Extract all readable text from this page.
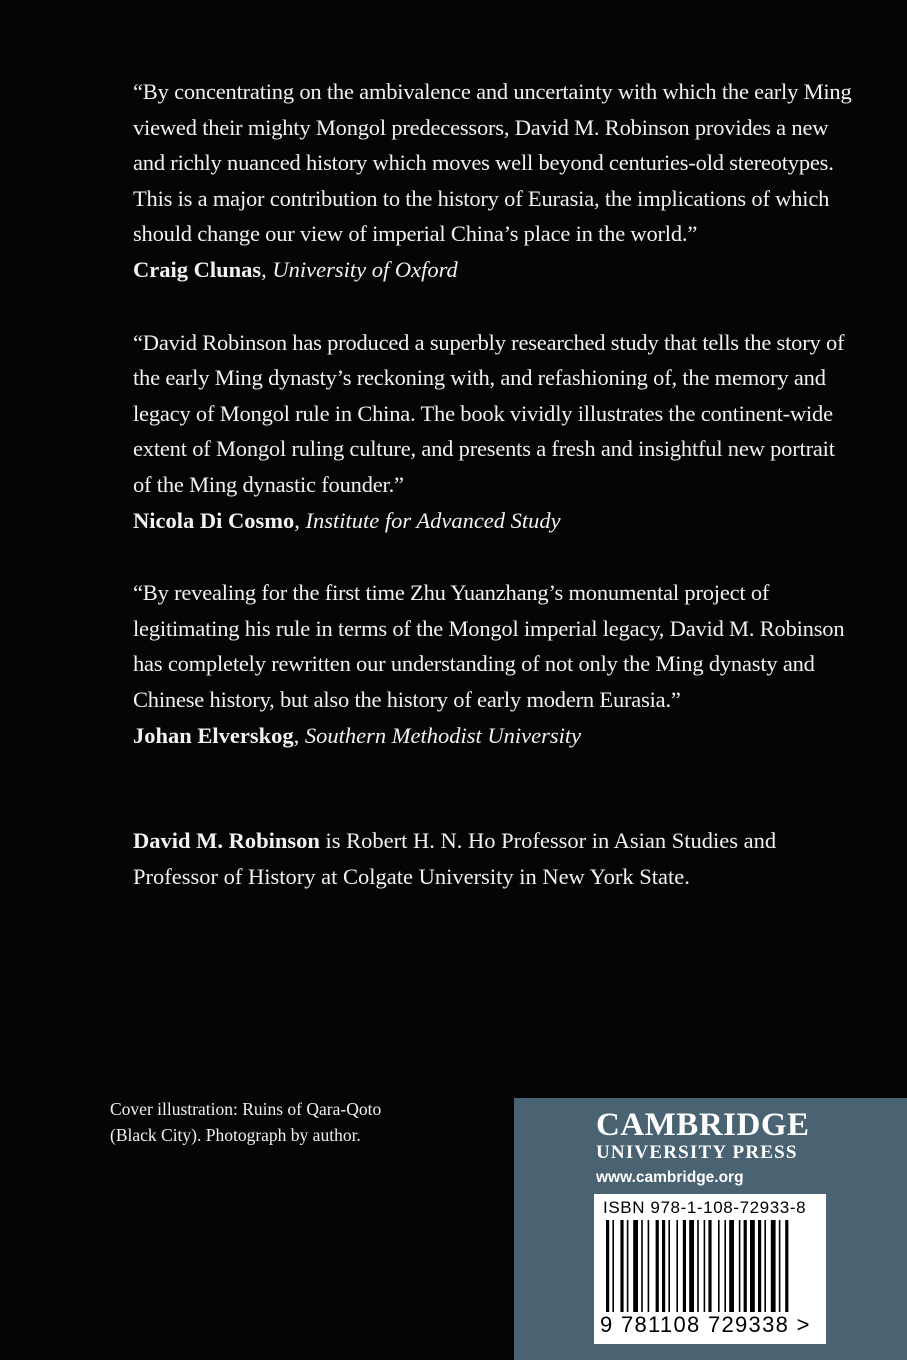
“By concentrating on the ambivalence and uncertainty with which the early Ming viewed their mighty Mongol predecessors, David M. Robinson provides a new and richly nuanced history which moves well beyond centuries-old stereotypes. This is a major contribution to the history of Eurasia, the implications of which should change our view of imperial China’s place in the world.”

Craig Clunas, University of Oxford

“David Robinson has produced a superbly researched study that tells the story of the early Ming dynasty’s reckoning with, and refashioning of, the memory and legacy of Mongol rule in China. The book vividly illustrates the continent-wide extent of Mongol ruling culture, and presents a fresh and insightful new portrait of the Ming dynastic founder.”

Nicola Di Cosmo, Institute for Advanced Study

“By revealing for the first time Zhu Yuanzhang’s monumental project of legitimating his rule in terms of the Mongol imperial legacy, David M. Robinson has completely rewritten our understanding of not only the Ming dynasty and Chinese history, but also the history of early modern Eurasia.”

Johan Elverskog, Southern Methodist University
David M. Robinson is Robert H. N. Ho Professor in Asian Studies and Professor of History at Colgate University in New York State.
Cover illustration: Ruins of Qara-Qoto
(Black City). Photograph by author.	CAMBRIDGE
UNIVERSITY PRESS
www.cambridge.org
ISBN 978-1-108-72933-8
9 781108 729338 >
